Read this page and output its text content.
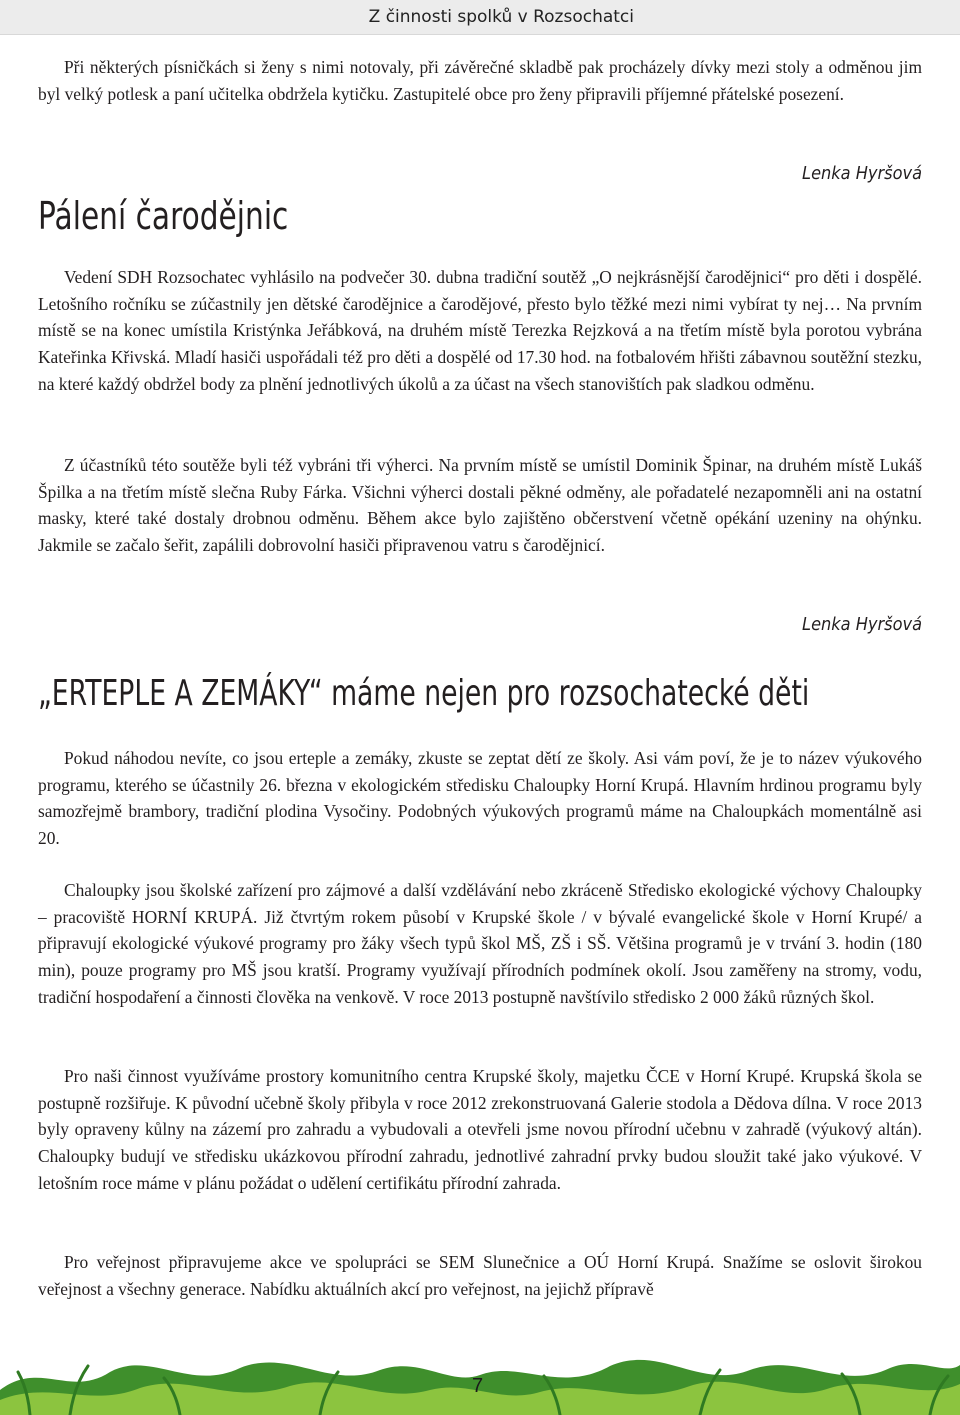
Z činnosti spolků v Rozsochatci

Při některých písničkách si ženy s nimi notovaly, při závěrečné skladbě pak procházely dívky mezi stoly a odměnou jim byl velký potlesk a paní učitelka obdržela kytičku. Zastupitelé obce pro ženy připravili příjemné přátelské posezení.

Lenka Hyršová
Pálení čarodějnic

Vedení SDH Rozsochatec vyhlásilo na podvečer 30. dubna tradiční soutěž „O nejkrásnější čarodějnici“ pro děti i dospělé. Letošního ročníku se zúčastnily jen dětské čarodějnice a čarodějové, přesto bylo těžké mezi nimi vybírat ty nej… Na prvním místě se na konec umístila Kristýnka Jeřábková, na druhém místě Terezka Rejzková a na třetím místě byla porotou vybrána Kateřinka Křivská. Mladí hasiči uspořádali též pro děti a dospělé od 17.30 hod. na fotbalovém hřišti zábavnou soutěžní stezku, na které každý obdržel body za plnění jednotlivých úkolů a za účast na všech stanovištích pak sladkou odměnu.

Z účastníků této soutěže byli též vybráni tři výherci. Na prvním místě se umístil Dominik Špinar, na druhém místě Lukáš Špilka a na třetím místě slečna Ruby Fárka. Všichni výherci dostali pěkné odměny, ale pořadatelé nezapomněli ani na ostatní masky, které také dostaly drobnou odměnu. Během akce bylo zajištěno občerstvení včetně opékání uzeniny na ohýnku. Jakmile se začalo šeřit, zapálili dobrovolní hasiči připravenou vatru s čarodějnicí.

Lenka Hyršová
„ERTEPLE A ZEMÁKY“ máme nejen pro rozsochatecké děti

Pokud náhodou nevíte, co jsou erteple a zemáky, zkuste se zeptat dětí ze školy. Asi vám poví, že je to název výukového programu, kterého se účastnily 26. března v ekologickém středisku Chaloupky Horní Krupá. Hlavním hrdinou programu byly samozřejmě brambory, tradiční plodina Vysočiny. Podobných výukových programů máme na Chaloupkách momentálně asi 20.

Chaloupky jsou školské zařízení pro zájmové a další vzdělávání nebo zkráceně Středisko ekologické výchovy Chaloupky – pracoviště HORNÍ KRUPÁ. Již čtvrtým rokem působí v Krupské škole / v bývalé evangelické škole v Horní Krupé/ a připravují ekologické výukové programy pro žáky všech typů škol MŠ, ZŠ i SŠ. Většina programů je v trvání 3. hodin (180 min), pouze programy pro MŠ jsou kratší. Programy využívají přírodních podmínek okolí. Jsou zaměřeny na stromy, vodu, tradiční hospodaření a činnosti člověka na venkově. V roce 2013 postupně navštívilo středisko 2 000 žáků různých škol.

Pro naši činnost využíváme prostory komunitního centra Krupské školy, majetku ČCE v Horní Krupé. Krupská škola se postupně rozšiřuje. K původní učebně školy přibyla v roce 2012 zrekonstruovaná Galerie stodola a Dědova dílna. V roce 2013 byly opraveny kůlny na zázemí pro zahradu a vybudovali a otevřeli jsme novou přírodní učebnu v zahradě (výukový altán). Chaloupky budují ve středisku ukázkovou přírodní zahradu, jednotlivé zahradní prvky budou sloužit také jako výukové. V letošním roce máme v plánu požádat o udělení certifikátu přírodní zahrada.

Pro veřejnost připravujeme akce ve spolupráci se SEM Slunečnice a OÚ Horní Krupá. Snažíme se oslovit širokou veřejnost a všechny generace. Nabídku aktuálních akcí pro veřejnost, na jejichž přípravě

7
